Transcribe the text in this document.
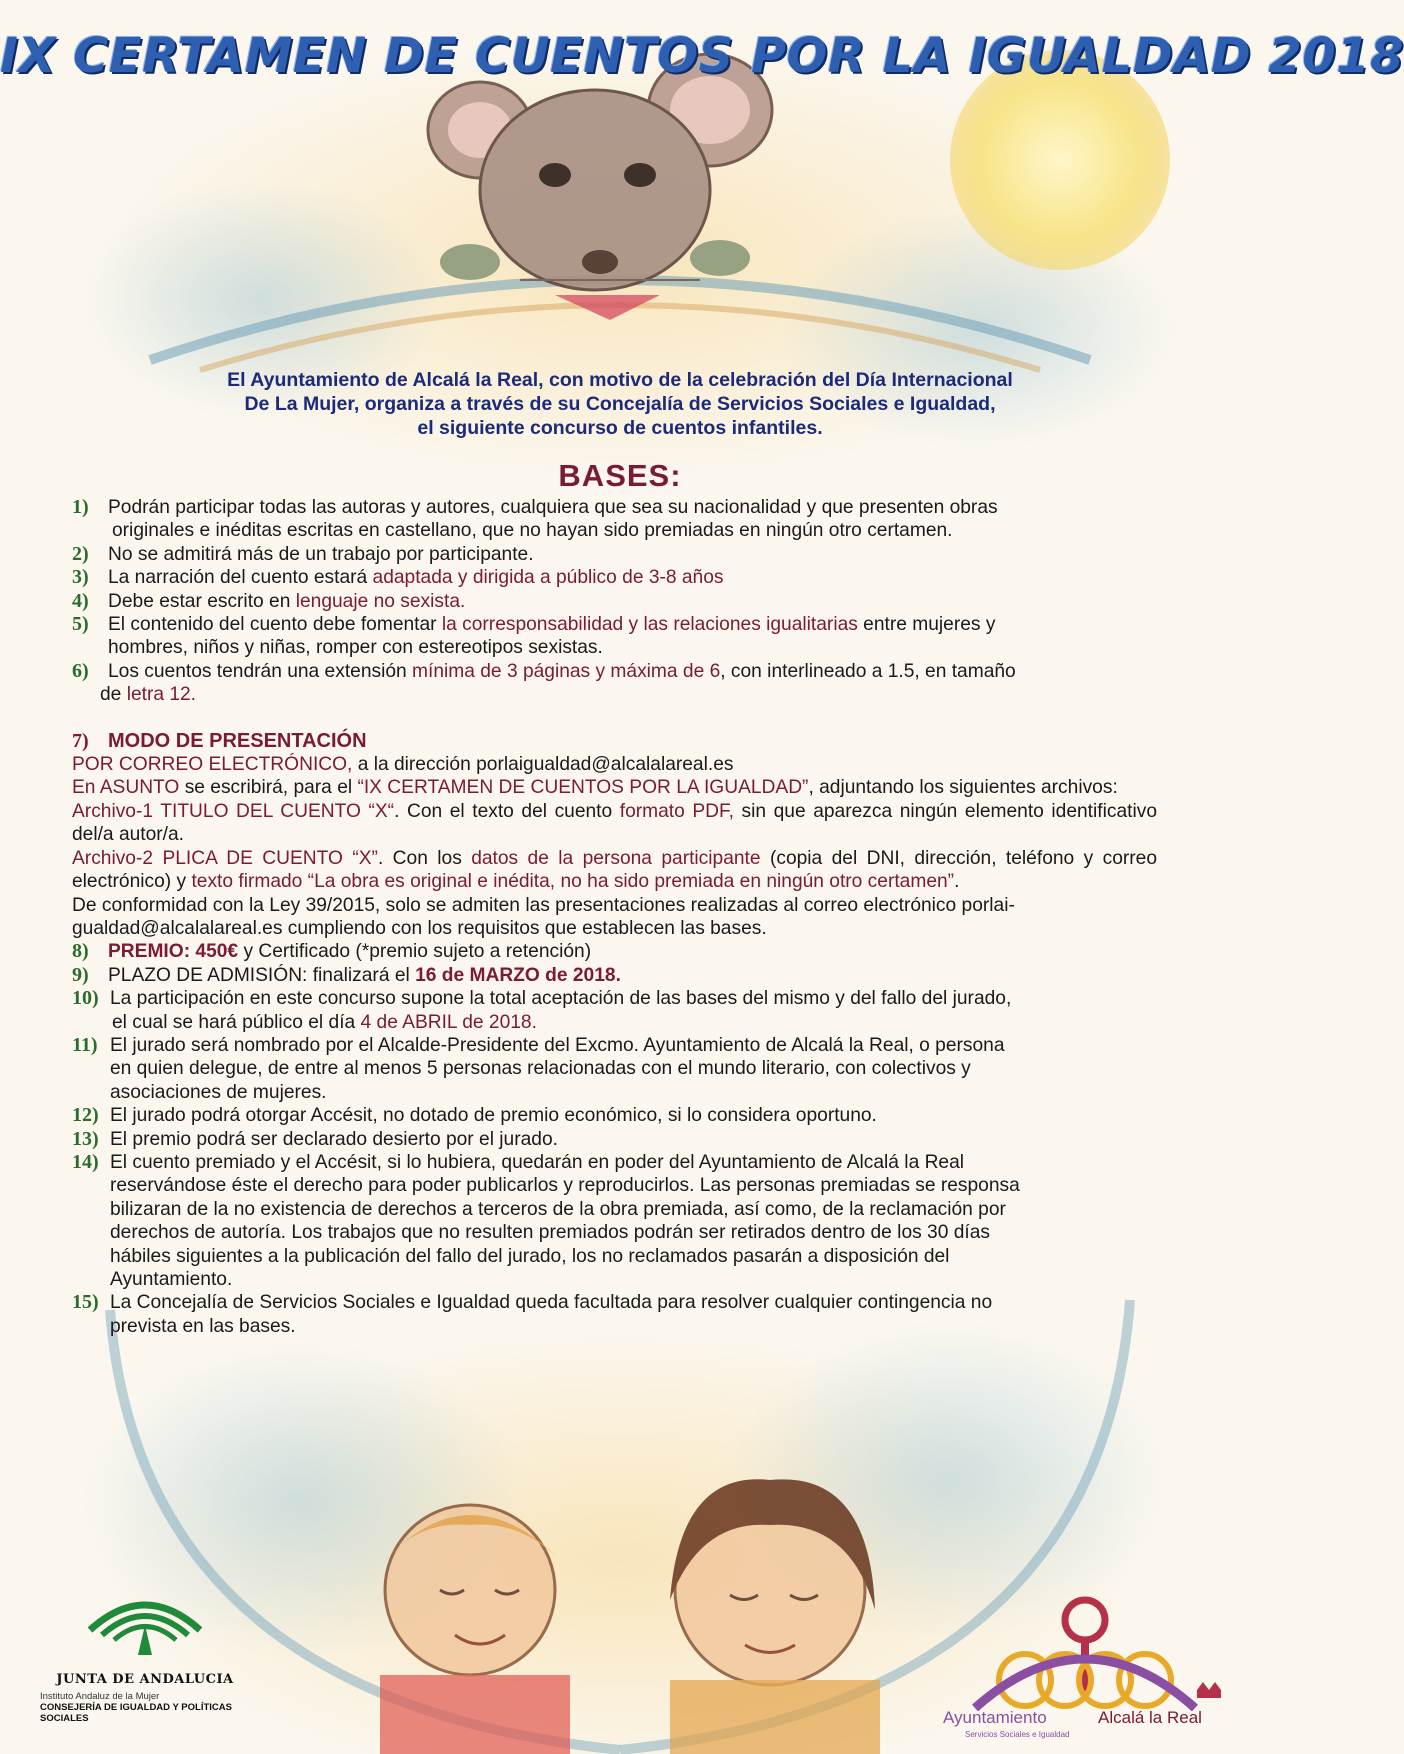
IX CERTAMEN DE CUENTOS POR LA IGUALDAD 2018
El Ayuntamiento de Alcalá la Real, con motivo de la celebración del Día Internacional
De La Mujer, organiza a través de su Concejalía de Servicios Sociales e Igualdad,
el siguiente concurso de cuentos infantiles.
BASES:
1)	Podrán participar todas las autoras y autores, cualquiera que sea su nacionalidad y que presenten obras
originales e inéditas escritas en castellano, que no hayan sido premiadas en ningún otro certamen.
2)	No se admitirá más de un trabajo por participante.
3)	La narración del cuento estará adaptada y dirigida a público de 3-8 años
4)	Debe estar escrito en lenguaje no sexista.
5)	El contenido del cuento debe fomentar la corresponsabilidad y las relaciones igualitarias entre mujeres y
hombres, niños y niñas, romper con estereotipos sexistas.
6)	Los cuentos tendrán una extensión mínima de 3 páginas y máxima de 6, con interlineado a 1.5, en tamaño
de letra 12.
7) MODO DE PRESENTACIÓN
POR CORREO ELECTRÓNICO, a la dirección porlaigualdad@alcalalareal.es
En ASUNTO se escribirá, para el “IX CERTAMEN DE CUENTOS POR LA IGUALDAD”, adjuntando los siguientes archivos:
Archivo-1 TITULO DEL CUENTO “X“. Con el texto del cuento formato PDF, sin que aparezca ningún elemento identificativo del/a autor/a.
Archivo-2 PLICA DE CUENTO “X”. Con los datos de la persona participante (copia del DNI, dirección, teléfono y correo electrónico) y texto firmado “La obra es original e inédita, no ha sido premiada en ningún otro certamen”.
De conformidad con la Ley 39/2015, solo se admiten las presentaciones realizadas al correo electrónico porlai-
gualdad@alcalalareal.es cumpliendo con los requisitos que establecen las bases.
8)	PREMIO: 450€ y Certificado (*premio sujeto a retención)
9)	PLAZO DE ADMISIÓN: finalizará el 16 de MARZO de 2018.
10) La participación en este concurso supone la total aceptación de las bases del mismo y del fallo del jurado,
el cual se hará público el día 4 de ABRIL de 2018.
11) El jurado será nombrado por el Alcalde-Presidente del Excmo. Ayuntamiento de Alcalá la Real, o persona
en quien delegue, de entre al menos 5 personas relacionadas con el mundo literario, con colectivos y
asociaciones de mujeres.
12) El jurado podrá otorgar Accésit, no dotado de premio económico, si lo considera oportuno.
13) El premio podrá ser declarado desierto por el jurado.
14) El cuento premiado y el Accésit, si lo hubiera, quedarán en poder del Ayuntamiento de Alcalá la Real
reservándose éste el derecho para poder publicarlos y reproducirlos. Las personas premiadas se responsa
bilizaran de la no existencia de derechos a terceros de la obra premiada, así como, de la reclamación por
derechos de autoría. Los trabajos que no resulten premiados podrán ser retirados dentro de los 30 días
hábiles siguientes a la publicación del fallo del jurado, los no reclamados pasarán a disposición del
Ayuntamiento.
15) La Concejalía de Servicios Sociales e Igualdad queda facultada para resolver cualquier contingencia no
prevista en las bases.
JUNTA DE ANDALUCIA
Instituto Andaluz de la Mujer
CONSEJERÍA DE IGUALDAD Y POLÍTICAS SOCIALES	Ayuntamiento	Alcalá la Real
Servicios Sociales e Igualdad
